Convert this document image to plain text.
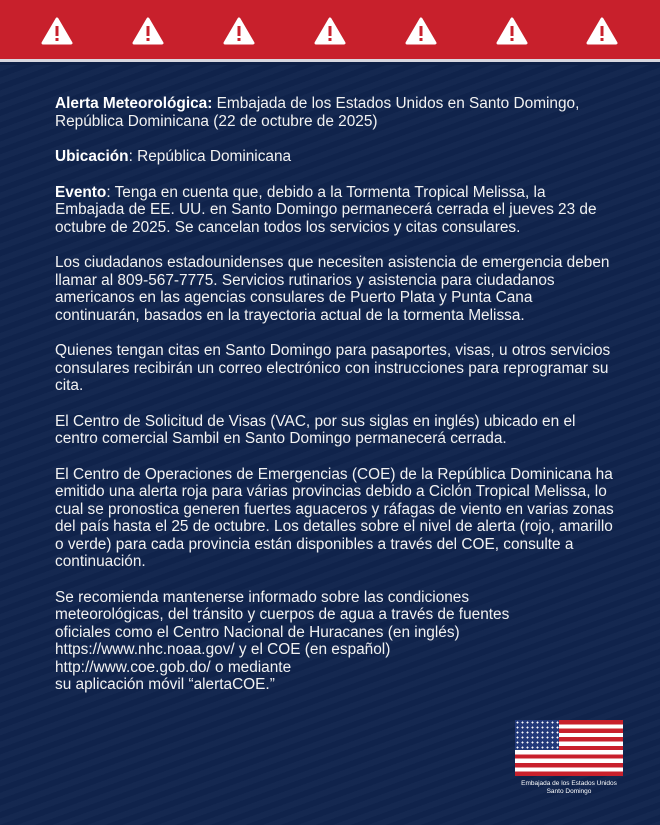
Alerta Meteorológica: Embajada de los Estados Unidos en Santo Domingo, República Dominicana (22 de octubre de 2025)

Ubicación: República Dominicana

Evento: Tenga en cuenta que, debido a la Tormenta Tropical Melissa, la Embajada de EE. UU. en Santo Domingo permanecerá cerrada el jueves 23 de octubre de 2025. Se cancelan todos los servicios y citas consulares.

Los ciudadanos estadounidenses que necesiten asistencia de emergencia deben llamar al 809-567-7775. Servicios rutinarios y asistencia para ciudadanos americanos en las agencias consulares de Puerto Plata y Punta Cana continuarán, basados en la trayectoria actual de la tormenta Melissa.

Quienes tengan citas en Santo Domingo para pasaportes, visas, u otros servicios consulares recibirán un correo electrónico con instrucciones para reprogramar su cita.

El Centro de Solicitud de Visas (VAC, por sus siglas en inglés) ubicado en el centro comercial Sambil en Santo Domingo permanecerá cerrada.

El Centro de Operaciones de Emergencias (COE) de la República Dominicana ha emitido una alerta roja para várias provincias debido a Ciclón Tropical Melissa, lo cual se pronostica generen fuertes aguaceros y ráfagas de viento en varias zonas del país hasta el 25 de octubre. Los detalles sobre el nivel de alerta (rojo, amarillo o verde) para cada provincia están disponibles a través del COE, consulte a continuación.

Se recomienda mantenerse informado sobre las condiciones
meteorológicas, del tránsito y cuerpos de agua a través de fuentes
oficiales como el Centro Nacional de Huracanes (en inglés)
https://www.nhc.noaa.gov/ y el COE (en español)
http://www.coe.gob.do/ o mediante
su aplicación móvil “alertaCOE.”

Embajada de los Estados Unidos
Santo Domingo
